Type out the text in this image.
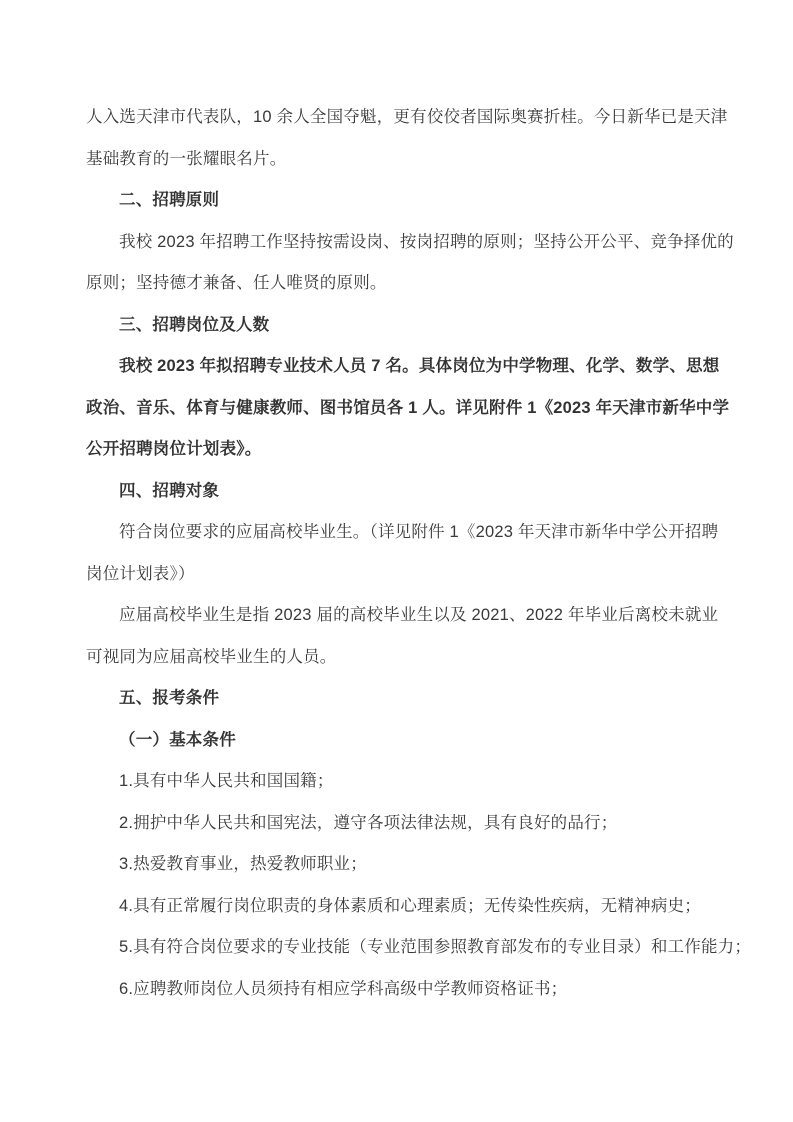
人入选天津市代表队，10 余人全国夺魁，更有佼佼者国际奥赛折桂。今日新华已是天津
基础教育的一张耀眼名片。
二、招聘原则
我校 2023 年招聘工作坚持按需设岗、按岗招聘的原则；坚持公开公平、竞争择优的
原则；坚持德才兼备、任人唯贤的原则。
三、招聘岗位及人数
我校 2023 年拟招聘专业技术人员 7 名。具体岗位为中学物理、化学、数学、思想
政治、音乐、体育与健康教师、图书馆员各 1 人。详见附件 1《2023 年天津市新华中学
公开招聘岗位计划表》。
四、招聘对象
符合岗位要求的应届高校毕业生。（详见附件 1《2023 年天津市新华中学公开招聘
岗位计划表》）
应届高校毕业生是指 2023 届的高校毕业生以及 2021、2022 年毕业后离校未就业
可视同为应届高校毕业生的人员。
五、报考条件
（一）基本条件
1.具有中华人民共和国国籍；
2.拥护中华人民共和国宪法，遵守各项法律法规，具有良好的品行；
3.热爱教育事业，热爱教师职业；
4.具有正常履行岗位职责的身体素质和心理素质；无传染性疾病，无精神病史；
5.具有符合岗位要求的专业技能（专业范围参照教育部发布的专业目录）和工作能力；
6.应聘教师岗位人员须持有相应学科高级中学教师资格证书；
